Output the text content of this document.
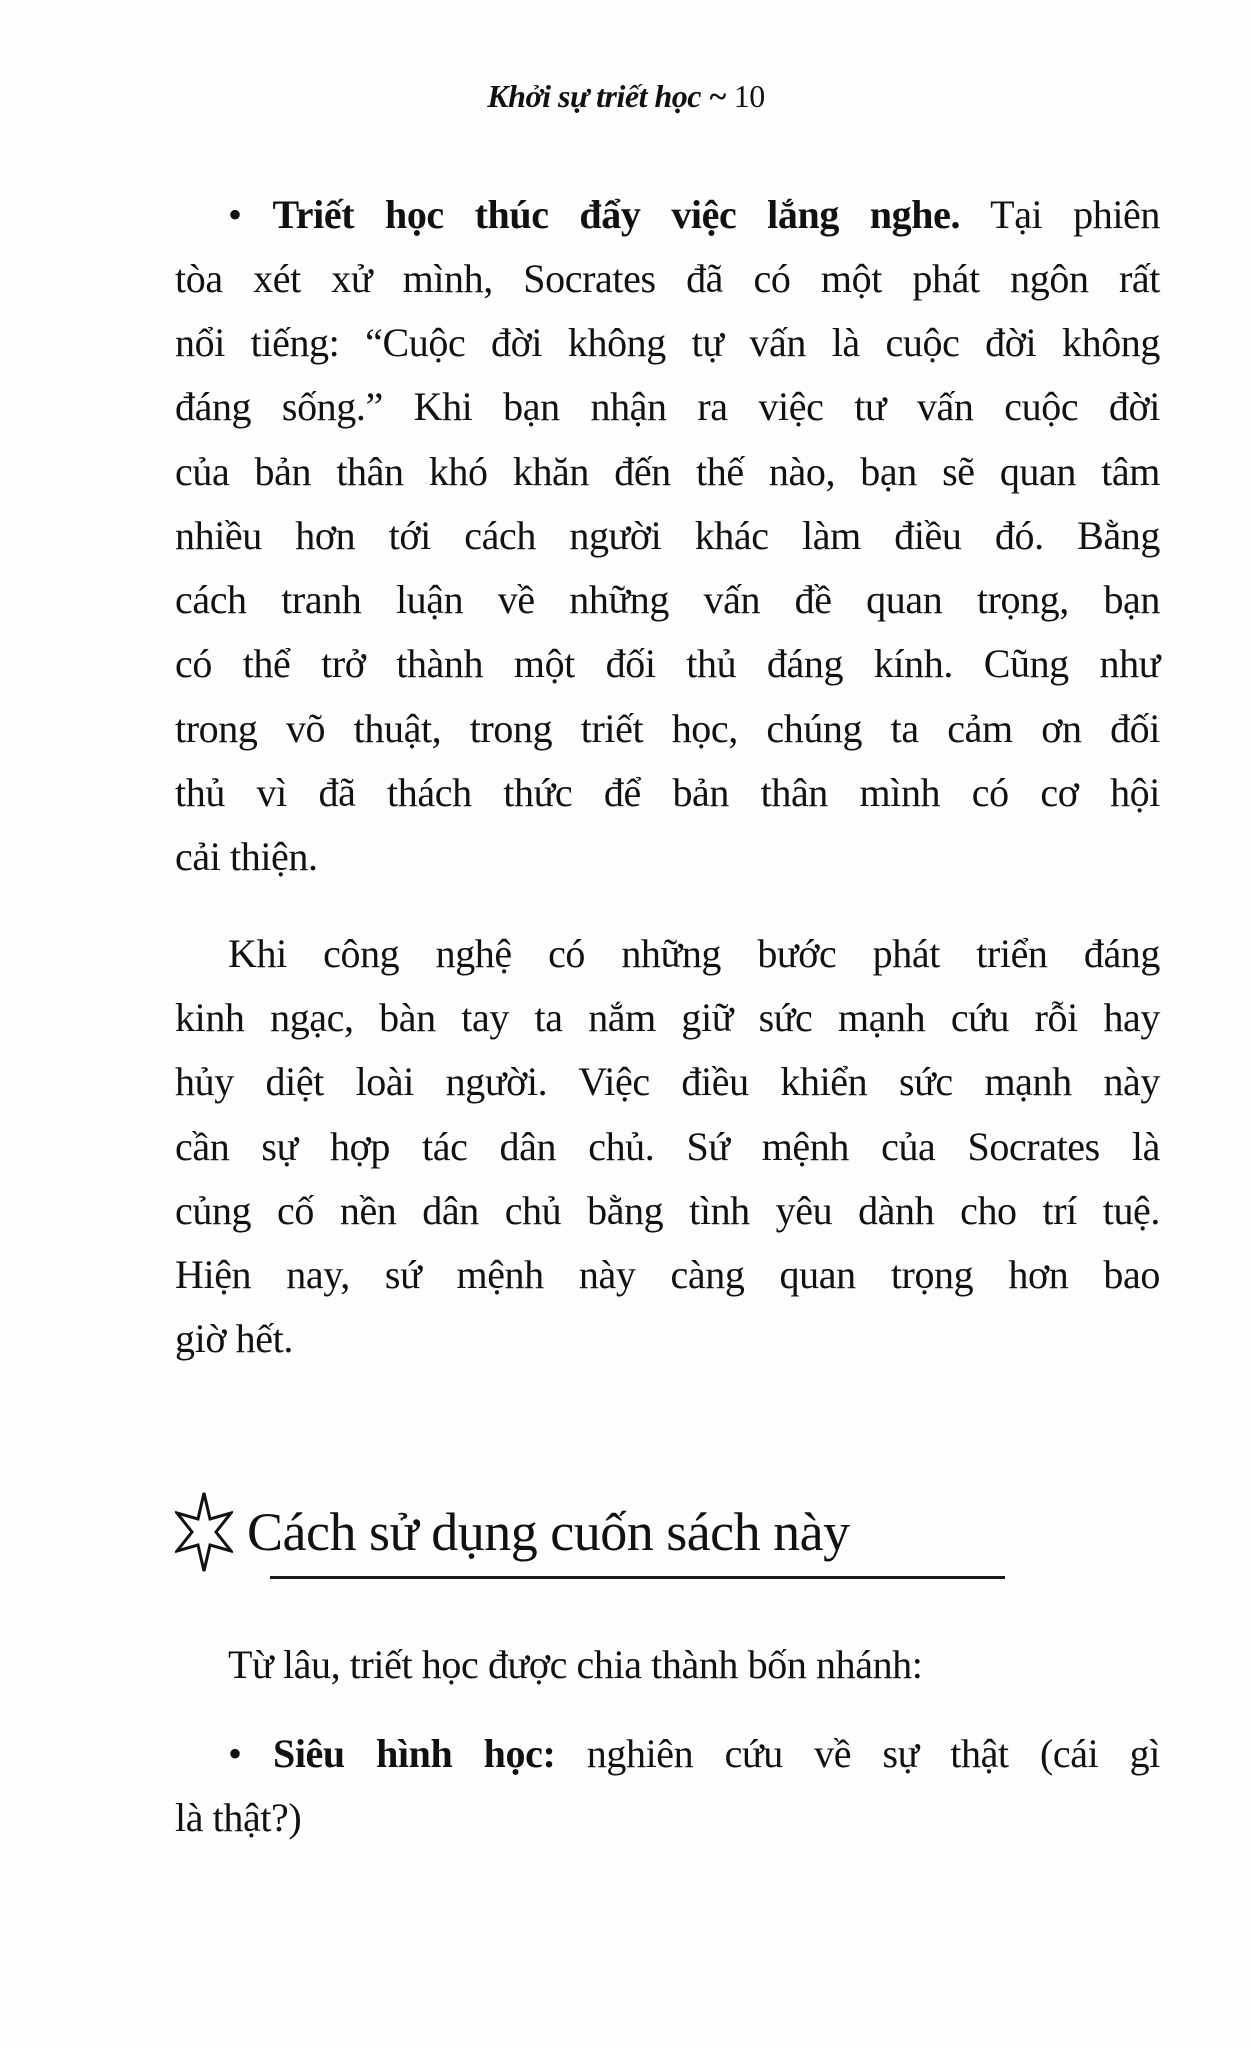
Khởi sự triết học ~ 10
• Triết học thúc đẩy việc lắng nghe. Tại phiên
tòa xét xử mình, Socrates đã có một phát ngôn rất
nổi tiếng: “Cuộc đời không tự vấn là cuộc đời không
đáng sống.” Khi bạn nhận ra việc tư vấn cuộc đời
của bản thân khó khăn đến thế nào, bạn sẽ quan tâm
nhiều hơn tới cách người khác làm điều đó. Bằng
cách tranh luận về những vấn đề quan trọng, bạn
có thể trở thành một đối thủ đáng kính. Cũng như
trong võ thuật, trong triết học, chúng ta cảm ơn đối
thủ vì đã thách thức để bản thân mình có cơ hội
cải thiện.
Khi công nghệ có những bước phát triển đáng
kinh ngạc, bàn tay ta nắm giữ sức mạnh cứu rỗi hay
hủy diệt loài người. Việc điều khiển sức mạnh này
cần sự hợp tác dân chủ. Sứ mệnh của Socrates là
củng cố nền dân chủ bằng tình yêu dành cho trí tuệ.
Hiện nay, sứ mệnh này càng quan trọng hơn bao
giờ hết.
Cách sử dụng cuốn sách này
Từ lâu, triết học được chia thành bốn nhánh:
• Siêu hình học: nghiên cứu về sự thật (cái gì
là thật?)
